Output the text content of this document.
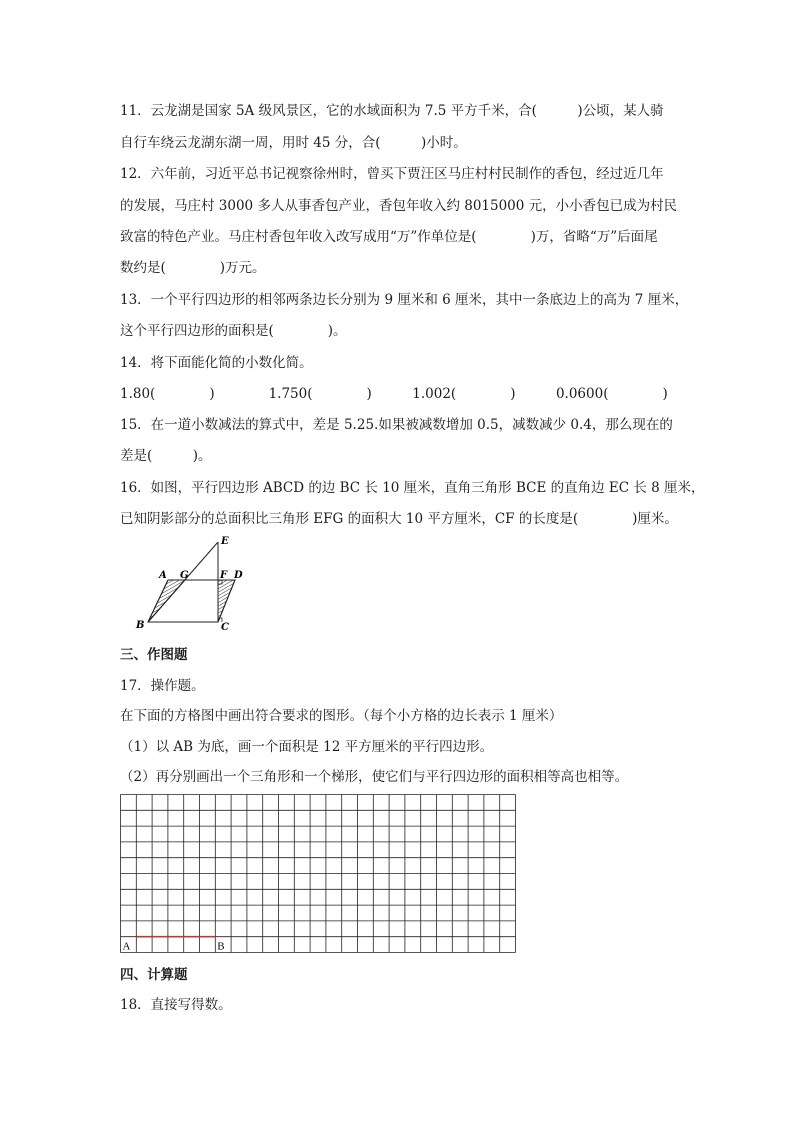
11．云龙湖是国家 5A 级风景区，它的水域面积为 7.5 平方千米，合(　　　)公顷，某人骑
自行车绕云龙湖东湖一周，用时 45 分，合(　　　)小时。
12．六年前，习近平总书记视察徐州时，曾买下贾汪区马庄村村民制作的香包，经过近几年
的发展，马庄村 3000 多人从事香包产业，香包年收入约 8015000 元，小小香包已成为村民
致富的特色产业。马庄村香包年收入改写成用“万”作单位是(　　　　)万，省略“万”后面尾
数约是(　　　　)万元。
13．一个平行四边形的相邻两条边长分别为 9 厘米和 6 厘米，其中一条底边上的高为 7 厘米，
这个平行四边形的面积是(　　　　)。
14．将下面能化简的小数化简。
1.80(　　　　)　　　　1.750(　　　　)　　　1.002(　　　　)　　　0.0600(　　　　)
15．在一道小数减法的算式中，差是 5.25.如果被减数增加 0.5，减数减少 0.4，那么现在的
差是(　　　)。
16．如图，平行四边形 ABCD 的边 BC 长 10 厘米，直角三角形 BCE 的直角边 EC 长 8 厘米，
已知阴影部分的总面积比三角形 EFG 的面积大 10 平方厘米，CF 的长度是(　　　　)厘米。
E
A G	F D
B	C
三、作图题
17．操作题。
在下面的方格图中画出符合要求的图形。（每个小方格的边长表示 1 厘米）
（1）以 AB 为底，画一个面积是 12 平方厘米的平行四边形。
（2）再分别画出一个三角形和一个梯形，使它们与平行四边形的面积相等高也相等。
A	B
四、计算题
18．直接写得数。
